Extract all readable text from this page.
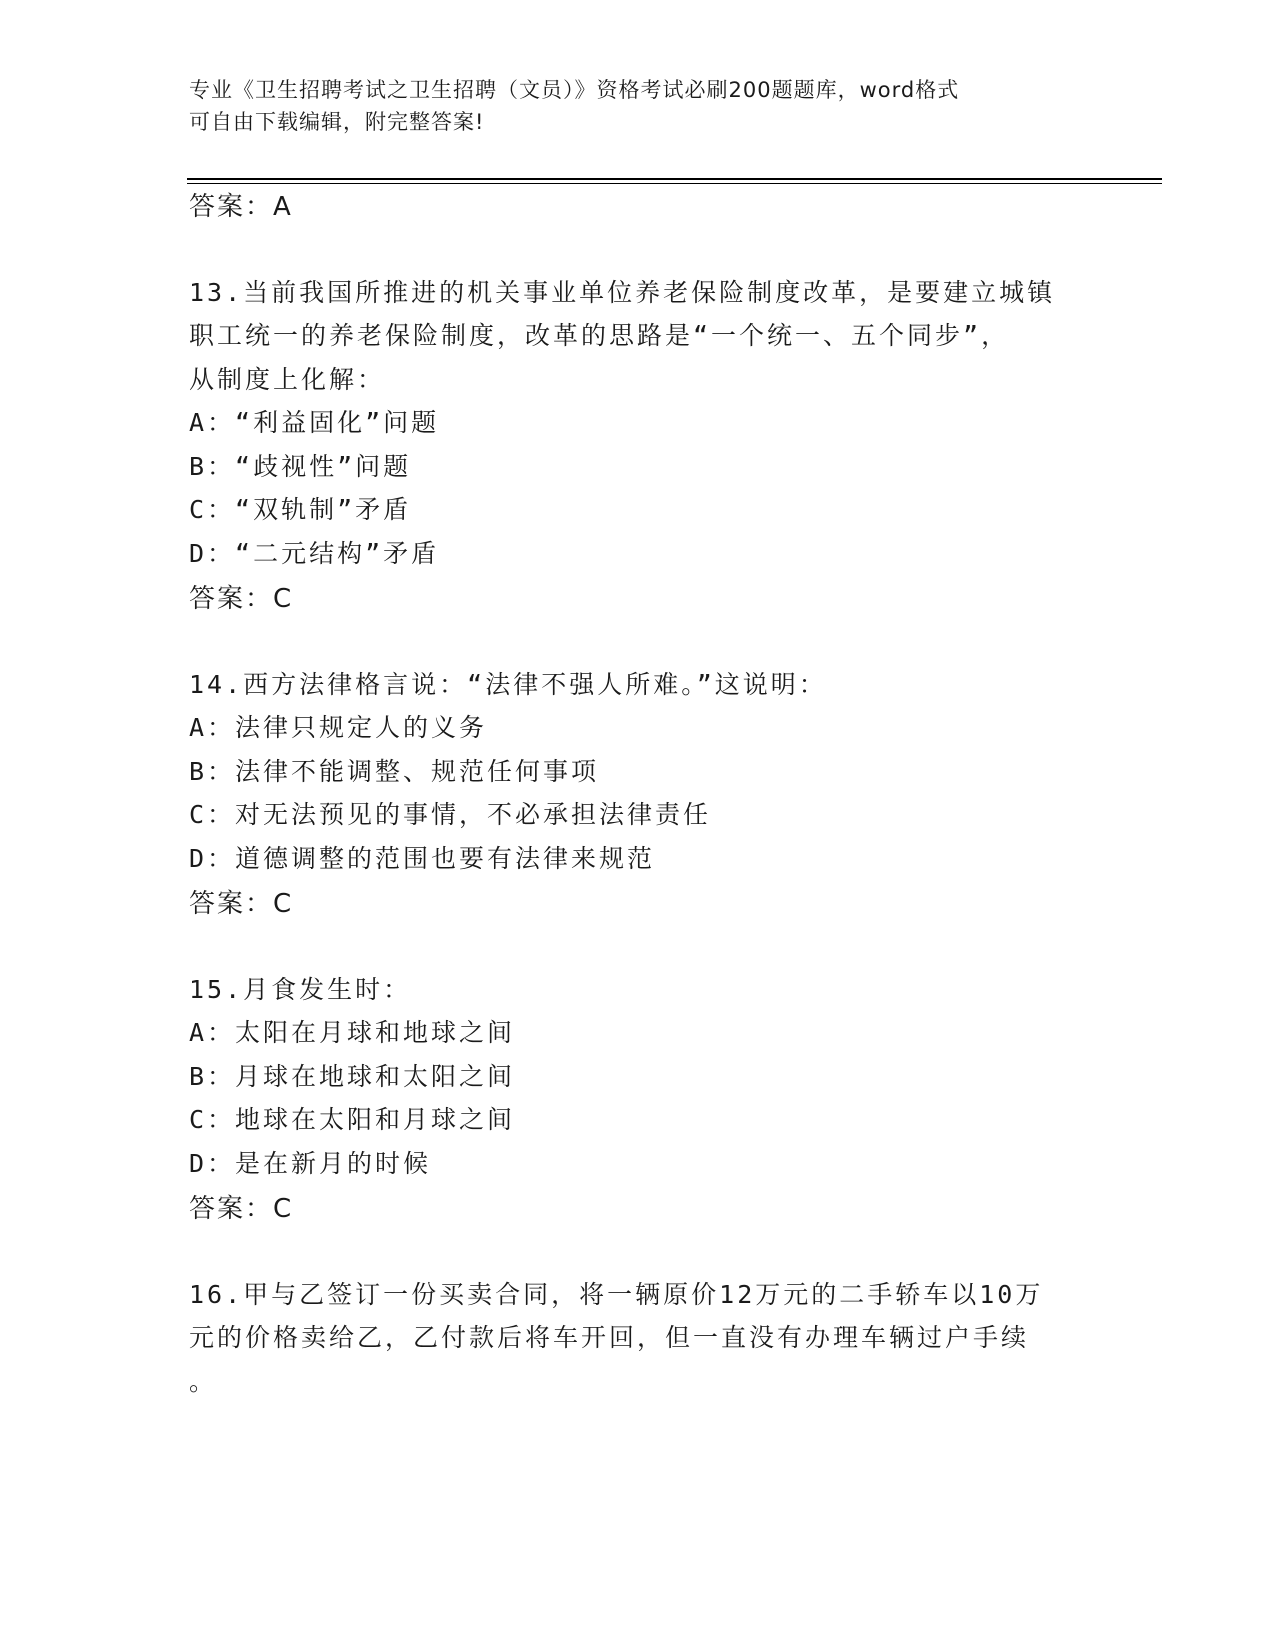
专业《卫生招聘考试之卫生招聘（文员）》资格考试必刷200题题库，word格式
可自由下载编辑，附完整答案!
答案：A
13.当前我国所推进的机关事业单位养老保险制度改革，是要建立城镇
职工统一的养老保险制度，改革的思路是“一个统一、五个同步”，
从制度上化解：
A：“利益固化”问题
B：“歧视性”问题
C：“双轨制”矛盾
D：“二元结构”矛盾
答案：C
14.西方法律格言说：“法律不强人所难。”这说明：
A：法律只规定人的义务
B：法律不能调整、规范任何事项
C：对无法预见的事情，不必承担法律责任
D：道德调整的范围也要有法律来规范
答案：C
15.月食发生时：
A：太阳在月球和地球之间
B：月球在地球和太阳之间
C：地球在太阳和月球之间
D：是在新月的时候
答案：C
16.甲与乙签订一份买卖合同，将一辆原价12万元的二手轿车以10万
元的价格卖给乙，乙付款后将车开回，但一直没有办理车辆过户手续
。
